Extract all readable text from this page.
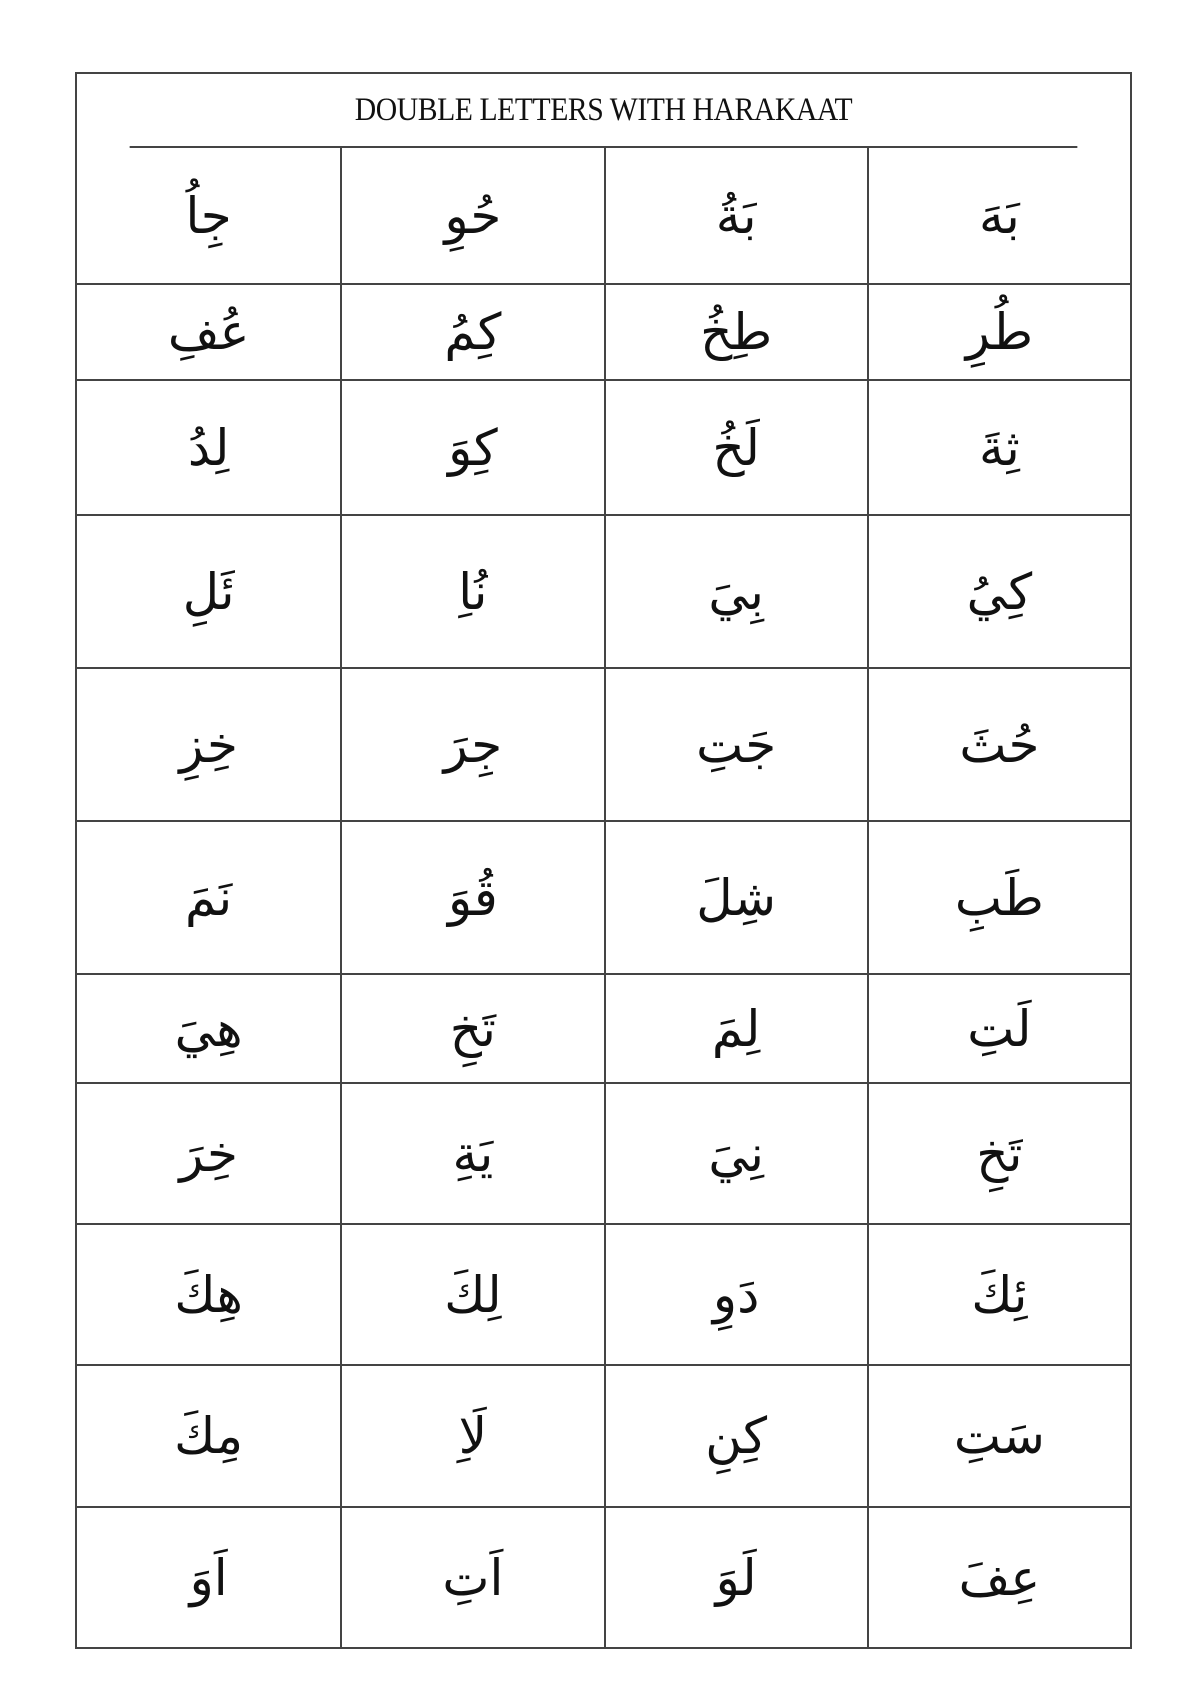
DOUBLE LETTERS WITH HARAKAAT
بَهَ
بَةُ
حُوِ
جِاُ
طُرِ
طِخُ
كِمُ
عُفِ
ثِةَ
لَخُ
كِوَ
لِدُ
كِيُ
بِيَ
نُاِ
ئَلِ
حُثَ
جَتِ
جِرَ
خِزِ
طَبِ
شِلَ
قُوَ
نَمَ
لَتِ
لِمَ
تَخِ
هِيَ
تَخِ
نِيَ
يَةِ
خِرَ
ئِكَ
دَوِ
لِكَ
هِكَ
سَتِ
كِنِ
لَاِ
مِكَ
عِفَ
لَوَ
اَتِ
اَوَ
